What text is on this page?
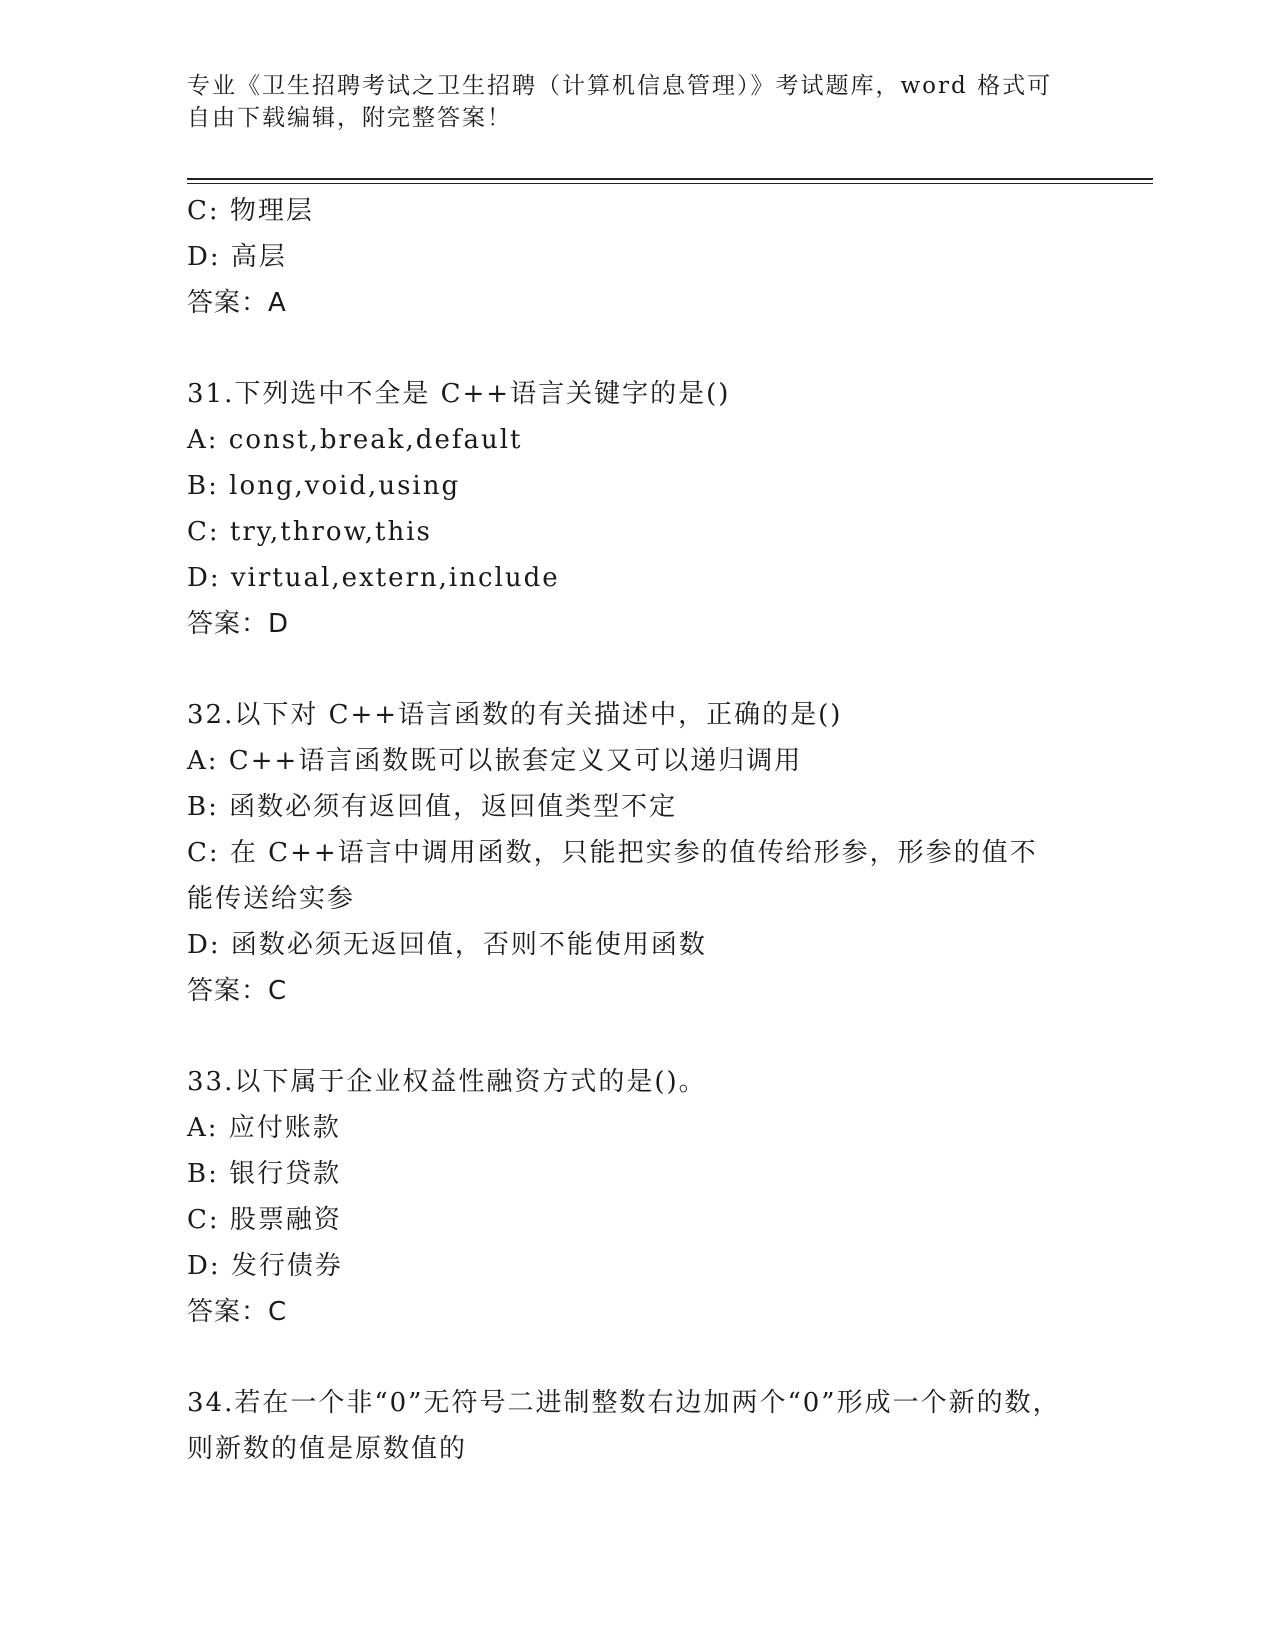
专业《卫生招聘考试之卫生招聘（计算机信息管理）》考试题库，word 格式可自由下载编辑，附完整答案！
C: 物理层
D: 高层
答案：A
31.下列选中不全是 C++语言关键字的是()
A: const,break,default
B: long,void,using
C: try,throw,this
D: virtual,extern,include
答案：D
32.以下对 C++语言函数的有关描述中，正确的是()
A: C++语言函数既可以嵌套定义又可以递归调用
B: 函数必须有返回值，返回值类型不定
C: 在 C++语言中调用函数，只能把实参的值传给形参，形参的值不能传送给实参
D: 函数必须无返回值，否则不能使用函数
答案：C
33.以下属于企业权益性融资方式的是()。
A: 应付账款
B: 银行贷款
C: 股票融资
D: 发行债券
答案：C
34.若在一个非“0”无符号二进制整数右边加两个“0”形成一个新的数，则新数的值是原数值的
